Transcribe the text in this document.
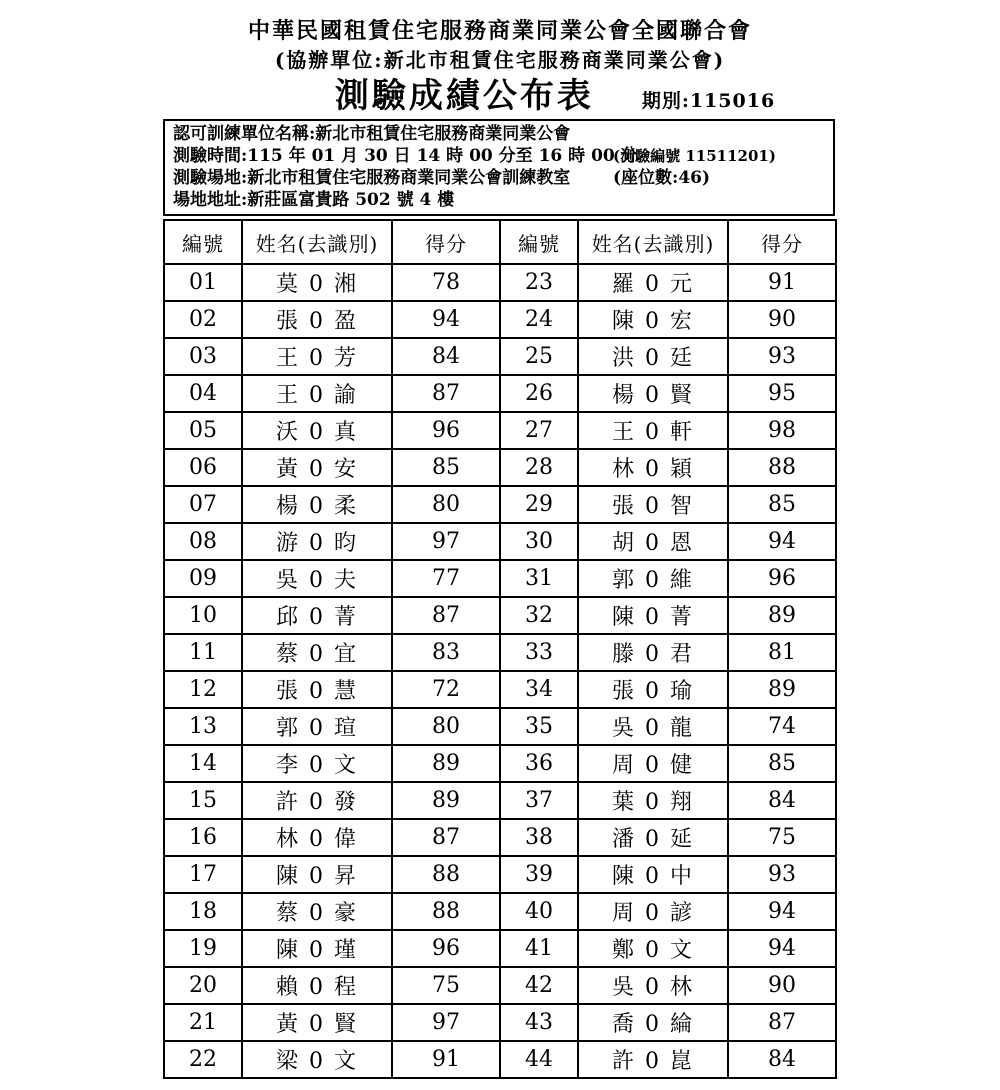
中華民國租賃住宅服務商業同業公會全國聯合會
(協辦單位:新北市租賃住宅服務商業同業公會)
測驗成績公布表	期別:115016
認可訓練單位名稱:新北市租賃住宅服務商業同業公會
測驗時間:115 年 01 月 30 日 14 時 00 分至 16 時 00 分(測驗編號 11511201)
測驗場地:新北市租賃住宅服務商業同業公會訓練教室	(座位數:46)
場地地址:新莊區富貴路 502 號 4 樓
編號	姓名(去識別)	得分	編號	姓名(去識別)	得分
01	莫 0 湘	78	23	羅 0 元	91
02	張 0 盈	94	24	陳 0 宏	90
03	王 0 芳	84	25	洪 0 廷	93
04	王 0 諭	87	26	楊 0 賢	95
05	沃 0 真	96	27	王 0 軒	98
06	黃 0 安	85	28	林 0 穎	88
07	楊 0 柔	80	29	張 0 智	85
08	游 0 昀	97	30	胡 0 恩	94
09	吳 0 夫	77	31	郭 0 維	96
10	邱 0 菁	87	32	陳 0 菁	89
11	蔡 0 宜	83	33	滕 0 君	81
12	張 0 慧	72	34	張 0 瑜	89
13	郭 0 瑄	80	35	吳 0 龍	74
14	李 0 文	89	36	周 0 健	85
15	許 0 發	89	37	葉 0 翔	84
16	林 0 偉	87	38	潘 0 延	75
17	陳 0 昇	88	39	陳 0 中	93
18	蔡 0 豪	88	40	周 0 諺	94
19	陳 0 瑾	96	41	鄭 0 文	94
20	賴 0 程	75	42	吳 0 林	90
21	黃 0 賢	97	43	喬 0 綸	87
22	梁 0 文	91	44	許 0 崑	84
